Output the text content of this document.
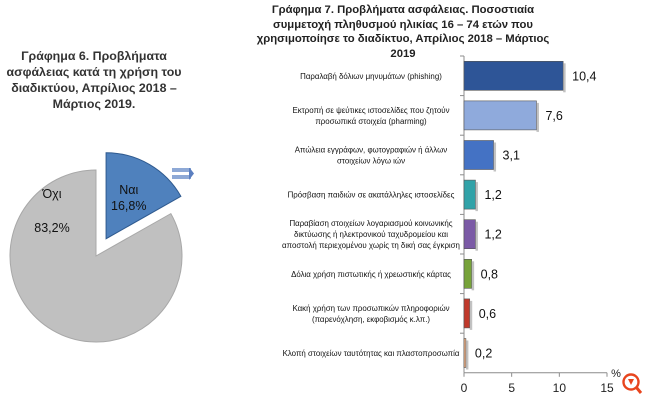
Γράφημα 6. Προβλήματα ασφάλειας κατά τη χρήση του διαδικτύου, Απρίλιος 2018 – Μάρτιος 2019.
Ναι
16,8%
Όχι
83,2%
Γράφημα 7. Προβλήματα ασφάλειας. Ποσοστιαία συμμετοχή πληθυσμού ηλικίας 16 – 74 ετών που χρησιμοποίησε το διαδίκτυο, Απρίλιος 2018 – Μάρτιος 2019
0	5	10	15
%
10,4
Παραλαβή δόλιων μηνυμάτων (phishing)
7,6
Εκτροπή σε ψεύτικες ιστοσελίδες που ζητούν
προσωπικά στοιχεία (pharming)
3,1
Απώλεια εγγράφων, φωτογραφιών ή άλλων
στοιχείων λόγω ιών
1,2
Πρόσβαση παιδιών σε ακατάλληλες ιστοσελίδες
1,2
Παραβίαση στοιχείων λογαριασμού κοινωνικής
δικτύωσης ή ηλεκτρονικού ταχυδρομείου και
αποστολή περιεχομένου χωρίς τη δική σας έγκριση
0,8
Δόλια χρήση πιστωτικής ή χρεωστικής κάρτας
0,6
Κακή χρήση των προσωπικών πληροφοριών
(παρενόχληση, εκφοβισμός κ.λπ.)
0,2
Κλοπή στοιχείων ταυτότητας και πλαστοπροσωπία
